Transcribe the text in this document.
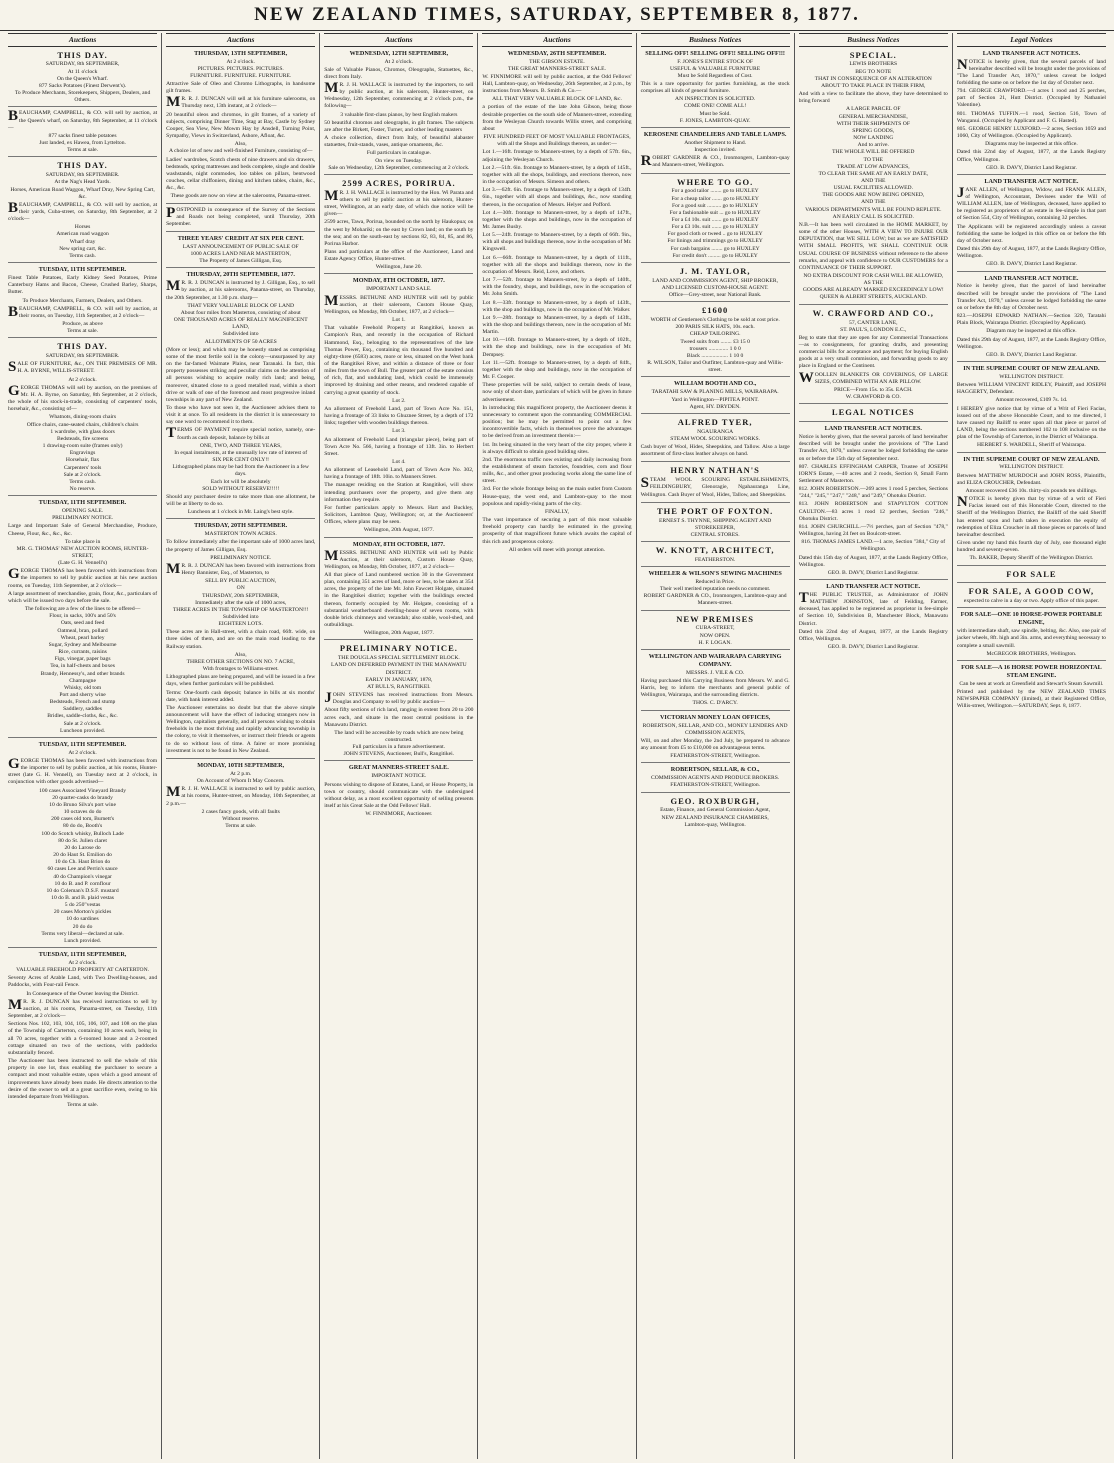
NEW ZEALAND TIMES, SATURDAY, SEPTEMBER 8, 1877.
Auctions
THIS DAY.
SATURDAY, 8th SEPTEMBER,
At 11 o'clock
On the Queen's Wharf.
877 Sacks Potatoes (Finest Derwent's).
To Produce Merchants, Storekeepers, Shippers, Dealers, and Others.
BEAUCHAMP, CAMPBELL, & CO. will sell by auction, at the Queen's wharf, on Saturday, 8th September, at 11 o'clock—
877 sacks finest table potatoes
Just landed, ex Hawea, from Lyttelton.
Terms at sale.
THIS DAY.
SATURDAY, 8th SEPTEMBER.
At the Nag's Head Yards.
Horses, American Road Waggon, Wharf Dray, New Spring Cart, &c.
BEAUCHAMP, CAMPBELL, & CO. will sell by auction, at their yards, Cuba-street, on Saturday, 8th September, at 2 o'clock—
Horses
American road waggon
Wharf dray
New spring cart, &c.
Terms cash.
TUESDAY, 11TH SEPTEMBER.
Finest Table Potatoes, Early Kidney Seed Potatoes, Prime Canterbury Hams and Bacon, Cheese, Crushed Barley, Sharps, Butter.
To Produce Merchants, Farmers, Dealers, and Others.
BEAUCHAMP, CAMPBELL, & CO. will sell by auction, at their rooms, on Tuesday, 11th September, at 2 o'clock—
Produce, as above
Terms at sale.
THIS DAY.
SATURDAY, 8th SEPTEMBER.
SALE OF FURNITURE, &c., ON THE PREMISES OF MR. H. A. BYRNE, WILLIS-STREET.
At 2 o'clock.
GEORGE THOMAS will sell by auction, on the premises of Mr. H. A. Byrne, on Saturday, 8th September, at 2 o'clock, the whole of his stock-in-trade, consisting of carpenters' tools, horsehair, &c., consisting of—
Whatnots, dining-room chairs
Office chairs, cane-seated chairs, children's chairs
1 wardrobe, with glass doors
Bedsteads, fire screens
1 drawing-room suite (frames only)
Engravings
Horsehair, flax
Carpenters' tools
Sale at 2 o'clock.
Terms cash.
No reserve.
TUESDAY, 11TH SEPTEMBER.
OPENING SALE.
PRELIMINARY NOTICE.
Large and Important Sale of General Merchandise, Produce, Cheese, Flour, &c., &c., &c.
To take place in
MR. G. THOMAS' NEW AUCTION ROOMS, HUNTER-STREET,
(Late G. H. Vennell's)
GEORGE THOMAS has been favored with instructions from the importers to sell by public auction at his new auction rooms, on Tuesday, 11th September, at 2 o'clock—
A large assortment of merchandise, grain, flour, &c., particulars of which will be issued two days before the sale.
The following are a few of the lines to be offered—
Flour, in sacks, 100's and 50's
Oats, seed and feed
Oatmeal, bran, pollard
Wheat, pearl barley
Sugar, Sydney and Melbourne
Rice, currants, raisins
Figs, vinegar, paper bags
Tea, in half-chests and boxes
Brandy, Hennessy's, and other brands
Champagne
Whisky, old tom
Port and sherry wine
Bedsteads, French and stump
Saddlery, saddles
Bridles, saddle-cloths, &c., &c.
Sale at 2 o'clock.
Luncheon provided.
TUESDAY, 11TH SEPTEMBER.
At 2 o'clock.
GEORGE THOMAS has been favored with instructions from the importer to sell by public auction, at his rooms, Hunter-street (late G. H. Vennell), on Tuesday next at 2 o'clock, in conjunction with other goods advertised—
100 cases Associated Vineyard Brandy
20 quarter-casks do brandy
10 do Bruno Silva's port wine
10 octaves do do
200 cases old tom, Burnett's
80 do do, Booth's
100 do Scotch whisky, Bulloch Lade
80 do St. Julien claret
20 do Larose do
20 do Haut St. Emilion do
10 do Ch. Haut Brion do
60 cases Lee and Perrin's sauce
40 do Champion's vinegar
10 do B. and P. cornflour
10 do Coleman's D.S.F. mustard
10 do B. and B. plaid vestas
5 do 250"vestas
20 cases Morton's pickles
10 do sardines
20 do do
Terms very liberal—declared at sale.
Lunch provided.
TUESDAY, 11TH SEPTEMBER,
At 2 o'clock.
VALUABLE FREEHOLD PROPERTY AT CARTERTON.
Seventy Acres of Arable Land, with Two Dwelling-houses, and Paddocks, with Four-rail Fence.
In Consequence of the Owner leaving the District.
MR. R. J. DUNCAN has received instructions to sell by auction, at his rooms, Panama-street, on Tuesday, 11th September, at 2 o'clock—
Sections Nos. 102, 103, 104, 105, 106, 107, and 108 on the plan of the Township of Carterton, containing 10 acres each, being in all 70 acres, together with a 6-roomed house and a 2-roomed cottage situated on two of the sections, with paddocks substantially fenced.
The Auctioneer has been instructed to sell the whole of this property in one lot, thus enabling the purchaser to secure a compact and most valuable estate, upon which a good amount of improvements have already been made. He directs attention to the desire of the owner to sell at a great sacrifice even, owing to his intended departure from Wellington.
Terms at sale.
Auctions
THURSDAY, 13TH SEPTEMBER,
At 2 o'clock.
PICTURES. PICTURES. PICTURES.
FURNITURE. FURNITURE. FURNITURE.
Attractive Sale of Oleo and Chromo Lithographs, in handsome gilt frames.
MR. R. J. DUNCAN will sell at his furniture salerooms, on Thursday next, 13th instant, at 2 o'clock—
20 beautiful oleos and chromos, in gilt frames, of a variety of subjects, comprising Dinner Time, Stag at Bay, Castle by Sydney Cooper, Sea View, New Mowm Hay by Ansdell, Turning Point, Sympathy, Views in Switzerland, Ashore, Afloat, &c.
Also,
A choice lot of new and well-finished Furniture, consisting of—
Ladies' wardrobes, Scotch chests of nine drawers and six drawers, bedsteads, spring mattresses and beds complete, single and double washstands, night commodes, loo tables on pillars, bentwood couches, cellar chiffoniers, dining and kitchen tables, chairs, &c., &c., &c.
These goods are now on view at the salerooms, Panama-street.
POSTPONED in consequence of the Survey of the Sections and Roads not being completed, until Thursday, 20th September.
THREE YEARS' CREDIT AT SIX PER CENT.
LAST ANNOUNCEMENT OF PUBLIC SALE OF
1000 ACRES LAND NEAR MASTERTON,
The Property of James Gilligan, Esq.
THURSDAY, 20TH SEPTEMBER, 1877.
MR. R. J. DUNCAN is instructed by J. Gilligan, Esq., to sell by auction, at his salerooms, Panama-street, on Thursday, the 20th September, at 1.30 p.m. sharp—
THAT VERY VALUABLE BLOCK OF LAND
About four miles from Masterton, consisting of about
ONE THOUSAND ACRES OF REALLY MAGNIFICENT LAND,
Subdivided into
ALLOTMENTS OF 50 ACRES
(More or less); and which may be honestly stated as comprising some of the most fertile soil in the colony—unsurpassed by any on the far-famed Waimate Plains, near Taranaki. In fact, this property possesses striking and peculiar claims on the attention of all persons wishing to acquire really rich land; and being, moreover, situated close to a good metalled road, within a short drive or walk of one of the foremost and most progressive inland townships in any part of New Zealand.
To those who have not seen it, the Auctioneer advises them to visit it at once. To all residents in the district it is unnecessary to say one word to recommend it to them.
TERMS OF PAYMENT require special notice, namely, one-fourth as cash deposit, balance by bills at
ONE, TWO, AND THREE YEARS,
In equal instalments, at the unusually low rate of interest of
SIX PER CENT ONLY!!
Lithographed plans may be had from the Auctioneer in a few days.
Each lot will be absolutely
SOLD WITHOUT RESERVE!!!!!
Should any purchaser desire to take more than one allotment, he will be at liberty to do so.
Luncheon at 1 o'clock in Mr. Laing's best style.
THURSDAY, 20TH SEPTEMBER.
MASTERTON TOWN ACRES.
To follow immediately after the important sale of 1000 acres land, the property of James Gilligan, Esq.
PRELIMINARY NOTICE.
MR. R. J. DUNCAN has been favored with instructions from Henry Bannister, Esq., of Masterton, to
SELL BY PUBLIC AUCTION,
ON
THURSDAY, 20th SEPTEMBER,
Immediately after the sale of 1000 acres,
THREE ACRES IN THE TOWNSHIP OF MASTERTON!!!
Subdivided into
EIGHTEEN LOTS.
These acres are in Hall-street, with a chain road, 66ft. wide, on three sides of them, and are on the main road leading to the Railway station.
Also,
THREE OTHER SECTIONS ON NO. 7 ACRE,
With frontages to Williams-street.
Lithographed plans are being prepared, and will be issued in a few days, when further particulars will be published.
Terms: One-fourth cash deposit; balance in bills at six months' date, with bank interest added.
The Auctioneer entertains no doubt but that the above simple announcement will have the effect of inducing strangers now in Wellington, capitalists generally, and all persons wishing to obtain freeholds in the most thriving and rapidly advancing township in the colony, to visit it themselves, or instruct their friends or agents to do so without loss of time. A fairer or more promising investment is not to be found in New Zealand.
MONDAY, 10TH SEPTEMBER,
At 2 p.m.
On Account of Whom It May Concern.
MR. J. H. WALLACE is instructed to sell by public auction, at his rooms, Hunter-street, on Monday, 10th September, at 2 p.m.—
2 cases fancy goods, with all faults
Without reserve.
Terms at sale.
Auctions
WEDNESDAY, 12TH SEPTEMBER,
At 2 o'clock.
Sale of Valuable Pianos, Chromos, Oleographs, Statuettes, &c., direct from Italy.
MR. J. H. WALLACE is instructed by the importers, to sell by public auction, at his saleroom, Hunter-street, on Wednesday, 12th September, commencing at 2 o'clock p.m., the following—
3 valuable first-class pianos, by best English makers
50 beautiful chromos and oleographs, in gilt frames. The subjects are after the Birkett, Foster, Turner, and other leading masters
A choice collection, direct from Italy, of beautiful alabaster statuettes, fruit-stands, vases, antique ornaments, &c.
Full particulars in catalogue.
On view on Tuesday.
Sale on Wednesday, 12th September, commencing at 2 o'clock.
2599 ACRES, PORIRUA.
MR. J. H. WALLACE is instructed by the Hon. Wi Parata and others to sell by public auction at his saleroom, Hunter-street, Wellington, at an early date, of which due notice will be given—
2599 acres, Tawa, Porirua, bounded on the north by Haukopua; on the west by Mohariki; on the east by Crown land; on the south by the sea; and on the south-east by sections 82, 83, 84, 85, and 86, Porirua Harbor.
Plans and particulars at the office of the Auctioneer, Land and Estate Agency Office, Hunter-street.
Wellington, June 20.
MONDAY, 8TH OCTOBER, 1877.
IMPORTANT LAND SALE.
MESSRS. BETHUNE AND HUNTER will sell by public auction, at their saleroom, Custom House Quay, Wellington, on Monday, 8th October, 1877, at 2 o'clock—
Lot 1.
That valuable Freehold Property at Rangitikei, known as Campion's Run, and recently in the occupation of Richard Hammond, Esq., belonging to the representatives of the late Thomas Power, Esq., containing six thousand five hundred and eighty-three (6583) acres, more or less, situated on the West bank of the Rangitikei River, and within a distance of three or four miles from the town of Bull. The greater part of the estate consists of rich, flat, and undulating land, which could be immensely improved by draining and other means, and rendered capable of carrying a great quantity of stock.
Lot 2.
An allotment of Freehold Land, part of Town Acre No. 151, having a frontage of 33 links to Ghuznee Street, by a depth of 172 links; together with wooden buildings thereon.
Lot 3.
An allotment of Freehold Land (triangular piece), being part of Town Acre No. 566, having a frontage of 13ft. 3in. to Herbert Street.
Lot 4.
An allotment of Leasehold Land, part of Town Acre No. 302, having a frontage of 18ft. 10in. to Manners Street.
The manager residing on the Station at Rangitikei, will show intending purchasers over the property, and give them any information they require.
For further particulars apply to Messrs. Hart and Buckley, Solicitors, Lambton Quay, Wellington; or, at the Auctioneers' Offices, where plans may be seen.
Wellington, 20th August, 1877.
MONDAY, 8TH OCTOBER, 1877.
MESSRS. BETHUNE AND HUNTER will sell by Public Auction, at their saleroom, Custom House Quay, Wellington, on Monday, 8th October, 1877, at 2 o'clock—
All that piece of Land numbered section 30 in the Government plan, containing 351 acres of land, more or less, to be taken at 354 acres, the property of the late Mr. John Fawcett Holgate, situated in the Rangitikei district; together with the buildings erected thereon, formerly occupied by Mr. Holgate, consisting of a substantial weatherboard dwelling-house of seven rooms, with double brick chimneys and verandah; also stable, wool-shed, and outbuildings.
Wellington, 20th August, 1877.
PRELIMINARY NOTICE.
THE DOUGLAS SPECIAL SETTLEMENT BLOCK.
LAND ON DEFERRED PAYMENT IN THE MANAWATU DISTRICT.
EARLY IN JANUARY, 1878,
AT BULL'S, RANGITIKEI.
JOHN STEVENS has received instructions from Messrs. Douglas and Company to sell by public auction—
About fifty sections of rich land, ranging in extent from 20 to 200 acres each, and situate in the most central positions in the Manawatu District.
The land will be accessible by roads which are now being constructed.
Full particulars in a future advertisement.
JOHN STEVENS, Auctioneer, Bull's, Rangitikei.
GREAT MANNERS-STREET SALE.
IMPORTANT NOTICE.
Persons wishing to dispose of Estates, Land, or House Property, in town or country, should communicate with the undersigned without delay, as a most excellent opportunity of selling presents itself at his Great Sale at the Odd Fellows' Hall.
W. FINNIMORE, Auctioneer.
Auctions
WEDNESDAY, 26TH SEPTEMBER.
THE GIBSON ESTATE.
THE GREAT MANNERS-STREET SALE.
W. FINNIMORE will sell by public auction, at the Odd Fellows' Hall, Lambton-quay, on Wednesday, 26th September, at 2 p.m., by instructions from Messrs. B. Smith & Co.—
ALL THAT VERY VALUABLE BLOCK OF LAND, &c.
a portion of the estate of the late John Gibson, being those desirable properties on the south side of Manners-street, extending from the Wesleyan Church towards Willis street, and comprising about
FIVE HUNDRED FEET OF MOST VALUABLE FRONTAGES,
with all the Shops and Buildings thereon, as under:—
Lot 1.—16ft. frontage to Manners-street, by a depth of 57ft. 6in., adjoining the Wesleyan Church.
Lot 2.—51ft. 6in. frontage to Manners-street, by a depth of 145ft., together with all the shops, buildings, and erections thereon, now in the occupation of Messrs. Simeon and others.
Lot 3.—62ft. 6in. frontage to Manners-street, by a depth of 134ft. 6in., together with all shops and buildings, &c., now standing thereon, in the occupation of Messrs. Helyer and Pofford.
Lot 4.—30ft. frontage to Manners-street, by a depth of 147ft., together with the shops and buildings, now in the occupation of Mr. James Busby.
Lot 5.—24ft. frontage to Manners-street, by a depth of 66ft. 9in., with all shops and buildings thereon, now in the occupation of Mr. Kingswell.
Lot 6.—66ft. frontage to Manners-street, by a depth of 111ft., together with all the shops and buildings thereon, now in the occupation of Messrs. Reid, Love, and others.
Lot 7.—52ft. frontage to Manners-street, by a depth of 140ft., with the foundry, shops, and buildings, now in the occupation of Mr. John Smith.
Lot 8.—33ft. frontage to Manners-street, by a depth of 143ft., with the shop and buildings, now in the occupation of Mr. Walker.
Lot 9.—28ft. frontage to Manners-street, by a depth of 143ft., with the shop and buildings thereon, now in the occupation of Mr. Martin.
Lot 10.—16ft. frontage to Manners-street, by a depth of 102ft., with the shop and buildings, now in the occupation of Mr. Dempsey.
Lot 11.—52ft. frontage to Manners-street, by a depth of 84ft., together with the shop and buildings, now in the occupation of Mr. F. Cooper.
These properties will be sold, subject to certain deeds of lease, now only of short date, particulars of which will be given in future advertisement.
In introducing this magnificent property, the Auctioneer deems it unnecessary to comment upon the commanding COMMERCIAL position; but he may be permitted to point out a few incontrovertible facts, which in themselves prove the advantages to be derived from an investment therein:—
1st. Its being situated in the very heart of the city proper, where it is always difficult to obtain good building sites.
2nd. The enormous traffic now existing and daily increasing from the establishment of steam factories, foundries, corn and flour mills, &c., and other great producing works along the same line of street.
3rd. For the whole frontage being on the main outlet from Custom House-quay, the west end, and Lambton-quay to the most populous and rapidly-rising parts of the city.
FINALLY,
The vast importance of securing a part of this most valuable freehold property can hardly be estimated in the growing prosperity of that magnificent future which awaits the capital of this rich and prosperous colony.
All orders will meet with prompt attention.
Business Notices
SELLING OFF! SELLING OFF!! SELLING OFF!!!
F. JONES'S ENTIRE STOCK OF
USEFUL & VALUABLE FURNITURE
Must be Sold Regardless of Cost.
This is a rare opportunity for parties furnishing, as the stock comprises all kinds of general furniture.
AN INSPECTION IS SOLICITED.
COME ONE! COME ALL!
Must be Sold.
F. JONES, LAMBTON-QUAY.
KEROSENE CHANDELIERS AND TABLE LAMPS.
Another Shipment to Hand.
Inspection invited.
ROBERT GARDNER & CO., Ironmongers, Lambton-quay and Manners-street, Wellington.
WHERE TO GO.
For a good tailor ........ go to HUXLEY
For a cheap tailor ....... go to HUXLEY
For a good suit .......... go to HUXLEY
For a fashionable suit ... go to HUXLEY
For a £4 10s. suit ....... go to HUXLEY
For a £3 10s. suit ....... go to HUXLEY
For good cloth or tweed .. go to HUXLEY
For linings and trimmings go to HUXLEY
For cash bargains ........ go to HUXLEY
For credit don't ......... go to HUXLEY
J. M. TAYLOR,
LAND AND COMMISSION AGENT, SHIP BROKER,
AND LICENSED CUSTOM-HOUSE AGENT.
Office—Grey-street, near National Bank.
£1600
WORTH of Gentlemen's Clothing to be sold at cost price.
200 PARIS SILK HATS, 10s. each.
CHEAP TAILORING.
Tweed suits from ........ £3 15 0
trousers .............. 1 0 0
Black ................... 1 10 0
R. WILSON, Tailor and Outfitter, Lambton-quay and Willis-street.
WILLIAM BOOTH AND CO.,
TARATAHI SAW & PLANING MILLS, WAIRARAPA.
Yard in Wellington—PIPITEA POINT.
Agent, HY. DRYDEN.
ALFRED TYER,
NGAURANGA
STEAM WOOL SCOURING WORKS.
Cash buyer of Wool, Hides, Sheepskins, and Tallow. Also a large assortment of first-class leather always on hand.
HENRY NATHAN'S
STEAM WOOL SCOURING ESTABLISHMENTS, FEILDINGBURY, Glenoragie, Ngahauranga Line, Wellington. Cash Buyer of Wool, Hides, Tallow, and Sheepskins.
THE PORT OF FOXTON.
ERNEST S. THYNNE, SHIPPING AGENT AND STOREKEEPER,
CENTRAL STORES.
W. KNOTT, ARCHITECT,
FEATHERSTON.
WHEELER & WILSON'S SEWING MACHINES
Reduced in Price.
Their well merited reputation needs no comment.
ROBERT GARDNER & CO., Ironmongers, Lambton-quay and Manners-street.
NEW PREMISES
CUBA-STREET,
NOW OPEN.
H. F. LOGAN.
WELLINGTON AND WAIRARAPA CARRYING COMPANY.
MESSRS. J. VILE & CO.
Having purchased this Carrying Business from Messrs. W. and G. Harris, beg to inform the merchants and general public of Wellington, Wairarapa, and the surrounding districts.
THOS. C. D'ARCY.
VICTORIAN MONEY LOAN OFFICES,
ROBERTSON, SELLAR, AND CO., MONEY LENDERS AND COMMISSION AGENTS,
Will, on and after Monday, the 2nd July, be prepared to advance any amount from £5 to £10,000 on advantageous terms.
FEATHERSTON-STREET, Wellington.
ROBERTSON, SELLAR, & CO.,
COMMISSION AGENTS AND PRODUCE BROKERS.
FEATHERSTON-STREET, Wellington.
GEO. ROXBURGH,
Estate, Finance, and General Commission Agent,
NEW ZEALAND INSURANCE CHAMBERS,
Lambton-quay, Wellington.
Business Notices
SPECIAL.
LEWIS BROTHERS
BEG TO NOTE
THAT IN CONSEQUENCE OF AN ALTERATION
ABOUT TO TAKE PLACE IN THEIR FIRM,
And with a view to facilitate the above, they have determined to bring forward
A LARGE PARCEL OF
GENERAL MERCHANDISE,
WITH THEIR SHIPMENTS OF
SPRING GOODS,
NOW LANDING
And to arrive.
THE WHOLE WILL BE OFFERED
TO THE
TRADE AT LOW ADVANCES,
TO CLEAR THE SAME AT AN EARLY DATE,
AND THE
USUAL FACILITIES ALLOWED.
THE GOODS ARE NOW BEING OPENED,
AND THE
VARIOUS DEPARTMENTS WILL BE FOUND REPLETE.
AN EARLY CALL IS SOLICITED.
N.B.—It has been well circulated in the HOME MARKET, by some of the other Houses, WITH A VIEW TO INJURE OUR DEPUTATION, that WE SELL LOW; but as we are SATISFIED WITH SMALL PROFITS, WE SHALL CONTINUE OUR USUAL COURSE OF BUSINESS without reference to the above remarks, and appeal with confidence to OUR CUSTOMERS for a CONTINUANCE OF THEIR SUPPORT.
NO EXTRA DISCOUNT FOR CASH WILL BE ALLOWED,
AS THE
GOODS ARE ALREADY MARKED EXCEEDINGLY LOW!
QUEEN & ALBERT STREETS, AUCKLAND.
W. CRAWFORD AND CO.,
57, CANTER LANE,
ST. PAUL'S, LONDON E.C.,
Beg to state that they are open for any Commercial Transactions—as to consignments, for granting drafts, and presenting commercial bills for acceptance and payment; for buying English goods at a very small commission, and forwarding goods to any place in England or the Continent.
WOOLLEN BLANKETS OR COVERINGS, OF LARGE SIZES, COMBINED WITH AN AIR PILLOW.
PRICE—From 15s. to 35s. EACH.
W. CRAWFORD & CO.
LEGAL NOTICES
LAND TRANSFER ACT NOTICES.
Notice is hereby given, that the several parcels of land hereinafter described will be brought under the provisions of "The Land Transfer Act, 1870," unless caveat be lodged forbidding the same on or before the 15th day of September next.
807. CHARLES EFFINGHAM CARPER, Trustee of JOSEPH IORN'S Estate, —40 acres and 2 roods, Section 8, Small Farm Settlement of Masterton.
812. JOHN ROBERTSON.—269 acres 1 rood 5 perches, Sections "244," "245," "247," "248," and "249," Ohotuku District.
813. JOHN ROBERTSON and STAPYLTON COTTON CAULTON.—83 acres 1 rood 12 perches, Section "246," Ohotuku District.
814. JOHN CHURCHILL.—7½ perches, part of Section "478," Wellington, having 24 feet on Boulcott-street.
816. THOMAS JAMES LAND.—1 acre, Section "384," City of Wellington.
Dated this 15th day of August, 1877, at the Lands Registry Office, Wellington.
GEO. B. DAVY, District Land Registrar.
LAND TRANSFER ACT NOTICE.
THE PUBLIC TRUSTEE, as Administrator of JOHN MATTHEW JOHNSTON, late of Feilding, Farmer, deceased, has applied to be registered as proprietor in fee-simple of Section 10, Subdivision B, Manchester Block, Manawatu District.
Dated this 22nd day of August, 1877, at the Lands Registry Office, Wellington.
GEO. B. DAVY, District Land Registrar.
Legal Notices
LAND TRANSFER ACT NOTICES.
NOTICE is hereby given, that the several parcels of land hereinafter described will be brought under the provisions of "The Land Transfer Act, 1870," unless caveat be lodged forbidding the same on or before the 1st day of October next.
794. GEORGE CRAWFORD.—4 acres 1 rood and 25 perches, part of Section 21, Hutt District. (Occupied by Nathaniel Valentine).
801. THOMAS TUFFIN.—1 rood, Section 516, Town of Wanganui. (Occupied by Applicant and F. G. Hasted).
805. GEORGE HENRY LUXFORD.—2 acres, Section 1059 and 1060, City of Wellington. (Occupied by Applicant).
Diagrams may be inspected at this office.
Dated this 22nd day of August, 1877, at the Lands Registry Office, Wellington.
GEO. B. DAVY, District Land Registrar.
LAND TRANSFER ACT NOTICE.
JANE ALLEN, of Wellington, Widow, and FRANK ALLEN, of Wellington, Accountant, Devisees under the Will of WILLIAM ALLEN, late of Wellington, deceased, have applied to be registered as proprietors of an estate in fee-simple in that part of Section 554, City of Wellington, containing 32 perches.
The Applicants will be registered accordingly unless a caveat forbidding the same be lodged in this office on or before the 8th day of October next.
Dated this 29th day of August, 1877, at the Lands Registry Office, Wellington.
GEO. B. DAVY, District Land Registrar.
LAND TRANSFER ACT NOTICE.
Notice is hereby given, that the parcel of land hereinafter described will be brought under the provisions of "The Land Transfer Act, 1870," unless caveat be lodged forbidding the same on or before the 8th day of October next.
823.—JOSEPH EDWARD NATHAN.—Section 320, Taratahi Plain Block, Wairarapa District. (Occupied by Applicant).
Diagram may be inspected at this office.
Dated this 29th day of August, 1877, at the Lands Registry Office, Wellington.
GEO. B. DAVY, District Land Registrar.
IN THE SUPREME COURT OF NEW ZEALAND.
WELLINGTON DISTRICT.
Between WILLIAM VINCENT RIDLEY, Plaintiff, and JOSEPH HAGGERTY, Defendant.
Amount recovered, £109 7s. 1d.
I HEREBY give notice that by virtue of a Writ of Fieri Facias, issued out of the above Honorable Court, and to me directed, I have caused my Bailiff to enter upon all that piece or parcel of LAND, being the sections numbered 102 to 108 inclusive on the plan of the Township of Carterton, in the District of Wairarapa.
HERBERT S. WARDELL, Sheriff of Wairarapa.
IN THE SUPREME COURT OF NEW ZEALAND.
WELLINGTON DISTRICT.
Between MATTHEW MURDOCH and JOHN ROSS, Plaintiffs, and ELIZA CROUCHER, Defendant.
Amount recovered £36 10s. thirty-six pounds ten shillings.
NOTICE is hereby given that by virtue of a writ of Fieri Facias issued out of this Honorable Court, directed to the Sheriff of the Wellington District, the Bailiff of the said Sheriff has entered upon and hath taken in execution the equity of redemption of Eliza Croucher in all those pieces or parcels of land hereinafter described.
Given under my hand this fourth day of July, one thousand eight hundred and seventy-seven.
Th. BAKER, Deputy Sheriff of the Wellington District.
FOR SALE
FOR SALE, A GOOD COW,
expected to calve in a day or two. Apply office of this paper.
FOR SALE—ONE 10 HORSE-POWER PORTABLE ENGINE,
with intermediate shaft, saw spindle, belting, &c. Also, one pair of jacker wheels, 8ft. high and 3in. arms, and everything necessary to complete a small sawmill.
McGREGOR BROTHERS, Wellington.
FOR SALE—A 16 HORSE POWER HORIZONTAL STEAM ENGINE.
Can be seen at work at Greenfield and Stewart's Steam Sawmill.
Printed and published by the NEW ZEALAND TIMES NEWSPAPER COMPANY (limited), at their Registered Office, Willis-street, Wellington.—SATURDAY, Sept. 8, 1877.
